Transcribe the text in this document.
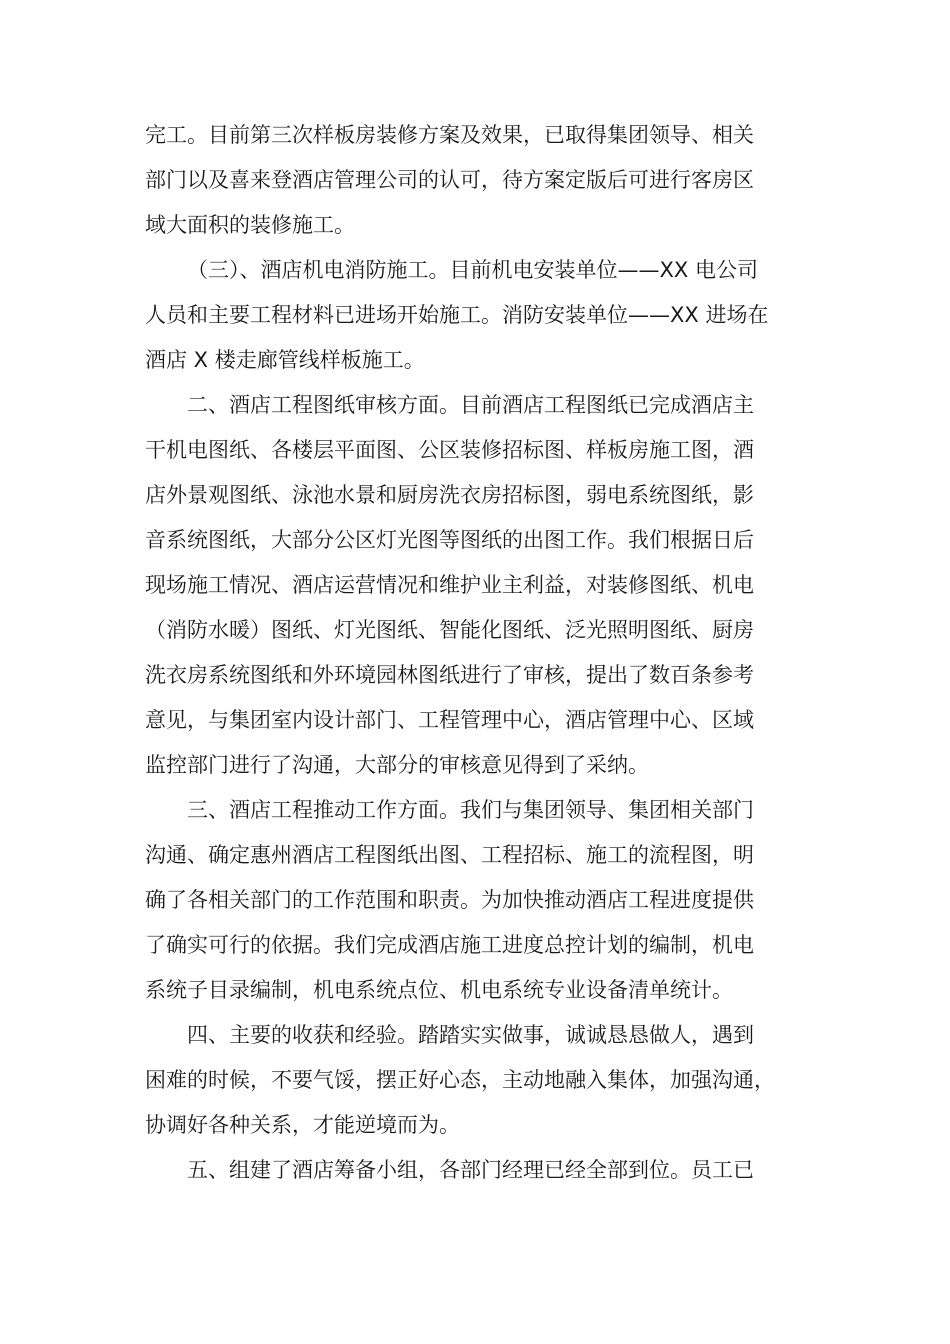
完工。目前第三次样板房装修方案及效果，已取得集团领导、相关
部门以及喜来登酒店管理公司的认可，待方案定版后可进行客房区
域大面积的装修施工。
（三）、酒店机电消防施工。目前机电安装单位——XX 电公司
人员和主要工程材料已进场开始施工。消防安装单位——XX 进场在
酒店 X 楼走廊管线样板施工。
二、酒店工程图纸审核方面。目前酒店工程图纸已完成酒店主
干机电图纸、各楼层平面图、公区装修招标图、样板房施工图，酒
店外景观图纸、泳池水景和厨房洗衣房招标图，弱电系统图纸，影
音系统图纸，大部分公区灯光图等图纸的出图工作。我们根据日后
现场施工情况、酒店运营情况和维护业主利益，对装修图纸、机电
（消防水暖）图纸、灯光图纸、智能化图纸、泛光照明图纸、厨房
洗衣房系统图纸和外环境园林图纸进行了审核，提出了数百条参考
意见，与集团室内设计部门、工程管理中心，酒店管理中心、区域
监控部门进行了沟通，大部分的审核意见得到了采纳。
三、酒店工程推动工作方面。我们与集团领导、集团相关部门
沟通、确定惠州酒店工程图纸出图、工程招标、施工的流程图，明
确了各相关部门的工作范围和职责。为加快推动酒店工程进度提供
了确实可行的依据。我们完成酒店施工进度总控计划的编制，机电
系统子目录编制，机电系统点位、机电系统专业设备清单统计。
四、主要的收获和经验。踏踏实实做事，诚诚恳恳做人，遇到
困难的时候，不要气馁，摆正好心态，主动地融入集体，加强沟通，
协调好各种关系，才能逆境而为。
五、组建了酒店筹备小组，各部门经理已经全部到位。员工已
